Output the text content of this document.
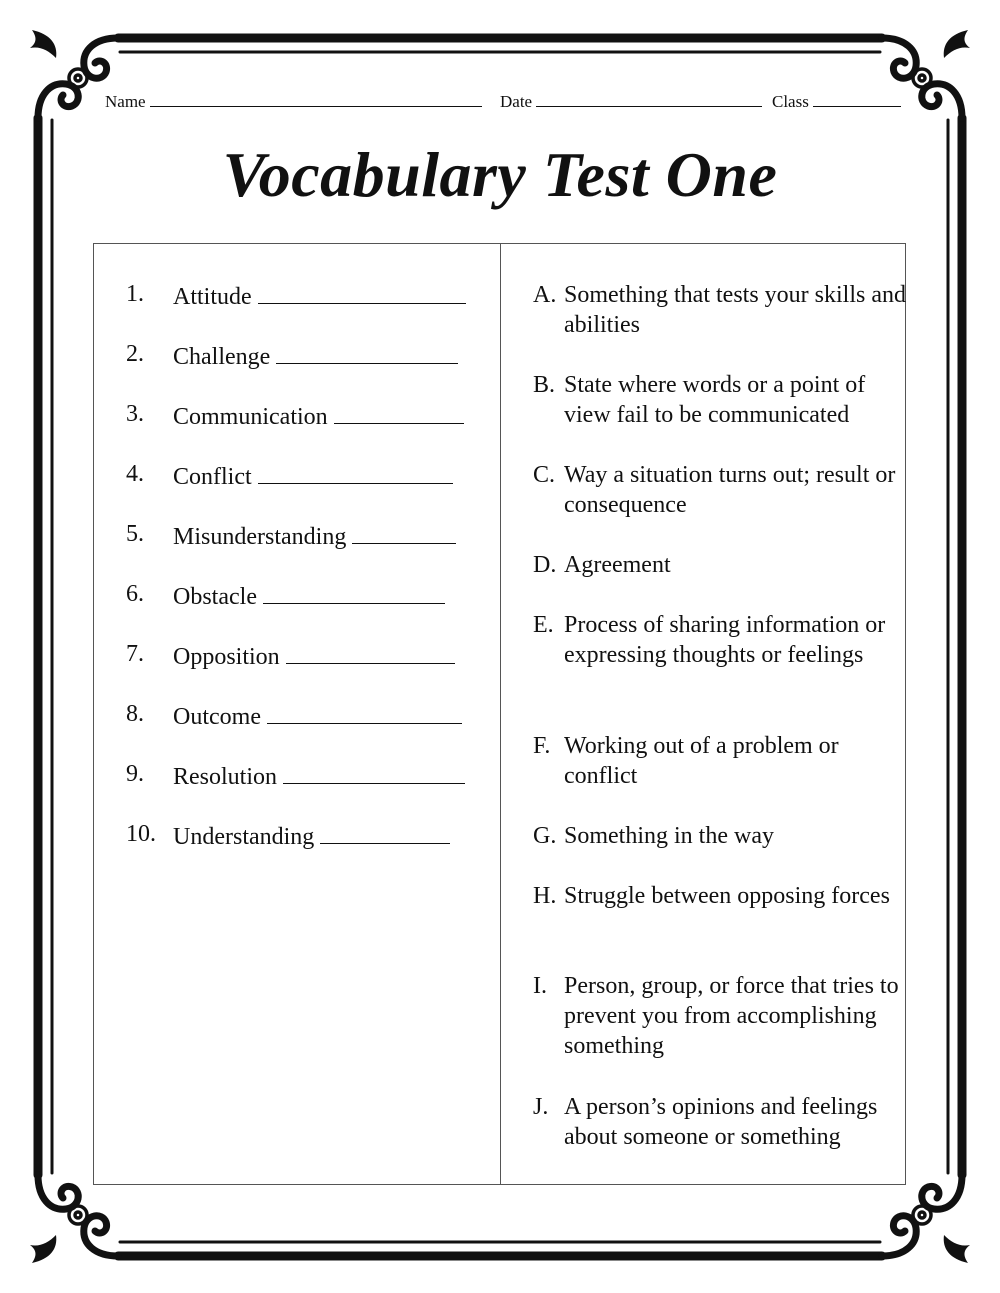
Name	Date	Class
Vocabulary Test One
1.	Attitude
2.	Challenge
3.	Communication
4.	Conflict
5.	Misunderstanding
6.	Obstacle
7.	Opposition
8.	Outcome
9.	Resolution
10. Understanding
A. Something that tests your skills and abilities
B. State where words or a point of view fail to be communicated
C. Way a situation turns out; result or consequence
D. Agreement
E. Process of sharing information or expressing thoughts or feelings
F. Working out of a problem or conflict
G. Something in the way
H. Struggle between opposing forces
I. Person, group, or force that tries to prevent you from accomplishing something
J. A person’s opinions and feelings about someone or something
